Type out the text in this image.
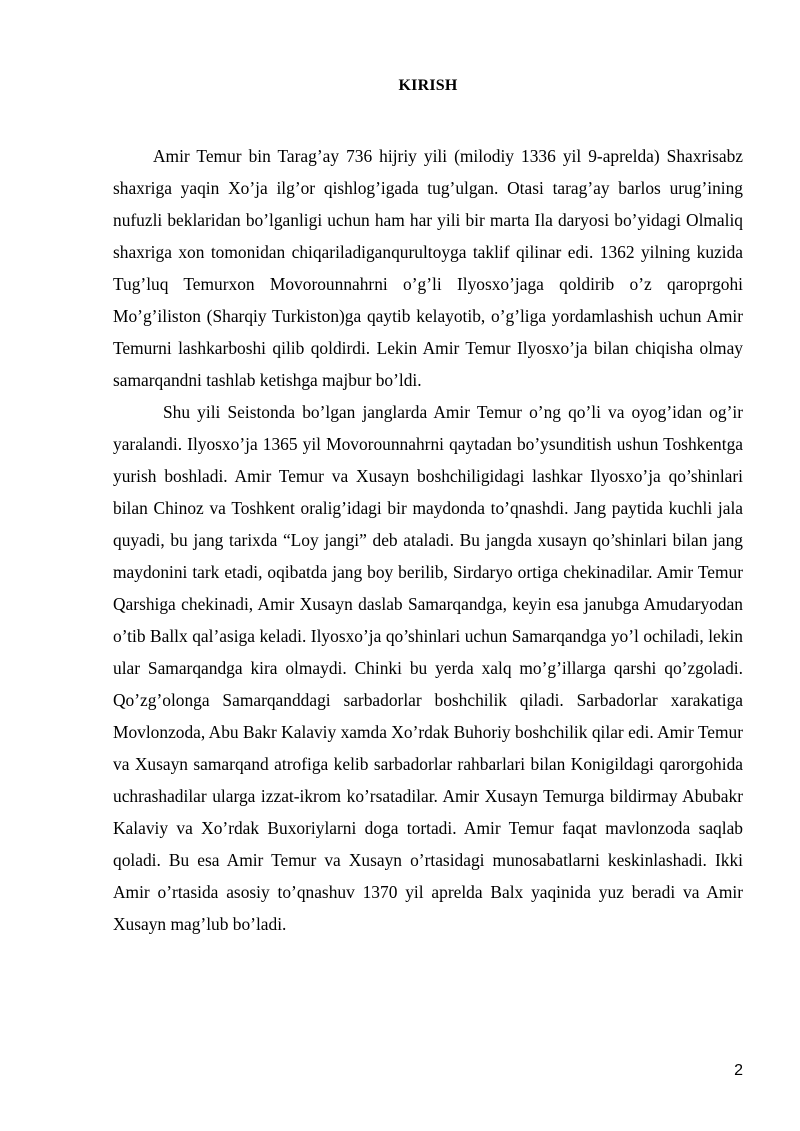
KIRISH

Amir Temur bin Tarag’ay 736 hijriy yili (milodiy 1336 yil 9-aprelda) Shaxrisabz shaxriga yaqin Xo’ja ilg’or qishlog’igada tug’ulgan. Otasi tarag’ay barlos urug’ining nufuzli beklaridan bo’lganligi uchun ham har yili bir marta Ila daryosi bo’yidagi Olmaliq shaxriga xon tomonidan chiqariladiganqurultoyga taklif qilinar edi. 1362 yilning kuzida Tug’luq Temurxon Movorounnahrni o’g’li Ilyosxo’jaga qoldirib o’z qaroprgohi Mo’g’iliston (Sharqiy Turkiston)ga qaytib kelayotib, o’g’liga yordamlashish uchun Amir Temurni lashkarboshi qilib qoldirdi. Lekin Amir Temur Ilyosxo’ja bilan chiqisha olmay samarqandni tashlab ketishga majbur bo’ldi.

Shu yili Seistonda bo’lgan janglarda Amir Temur o’ng qo’li va oyog’idan og’ir yaralandi. Ilyosxo’ja 1365 yil Movorounnahrni qaytadan bo’ysunditish ushun Toshkentga yurish boshladi. Amir Temur va Xusayn boshchiligidagi lashkar Ilyosxo’ja qo’shinlari bilan Chinoz va Toshkent oralig’idagi bir maydonda to’qnashdi. Jang paytida kuchli jala quyadi, bu jang tarixda “Loy jangi” deb ataladi. Bu jangda xusayn qo’shinlari bilan jang maydonini tark etadi, oqibatda jang boy berilib, Sirdaryo ortiga chekinadilar. Amir Temur Qarshiga chekinadi, Amir Xusayn daslab Samarqandga, keyin esa janubga Amudaryodan o’tib Ballx qal’asiga keladi. Ilyosxo’ja qo’shinlari uchun Samarqandga yo’l ochiladi, lekin ular Samarqandga kira olmaydi. Chinki bu yerda xalq mo’g’illarga qarshi qo’zgoladi. Qo’zg’olonga Samarqanddagi sarbadorlar boshchilik qiladi. Sarbadorlar xarakatiga Movlonzoda, Abu Bakr Kalaviy xamda Xo’rdak Buhoriy boshchilik qilar edi. Amir Temur va Xusayn samarqand atrofiga kelib sarbadorlar rahbarlari bilan Konigildagi qarorgohida uchrashadilar ularga izzat-ikrom ko’rsatadilar. Amir Xusayn Temurga bildirmay Abubakr Kalaviy va Xo’rdak Buxoriylarni doga tortadi. Amir Temur faqat mavlonzoda saqlab qoladi. Bu esa Amir Temur va Xusayn o’rtasidagi munosabatlarni keskinlashadi. Ikki Amir o’rtasida asosiy to’qnashuv 1370 yil aprelda Balx yaqinida yuz beradi va Amir Xusayn mag’lub bo’ladi.

2
